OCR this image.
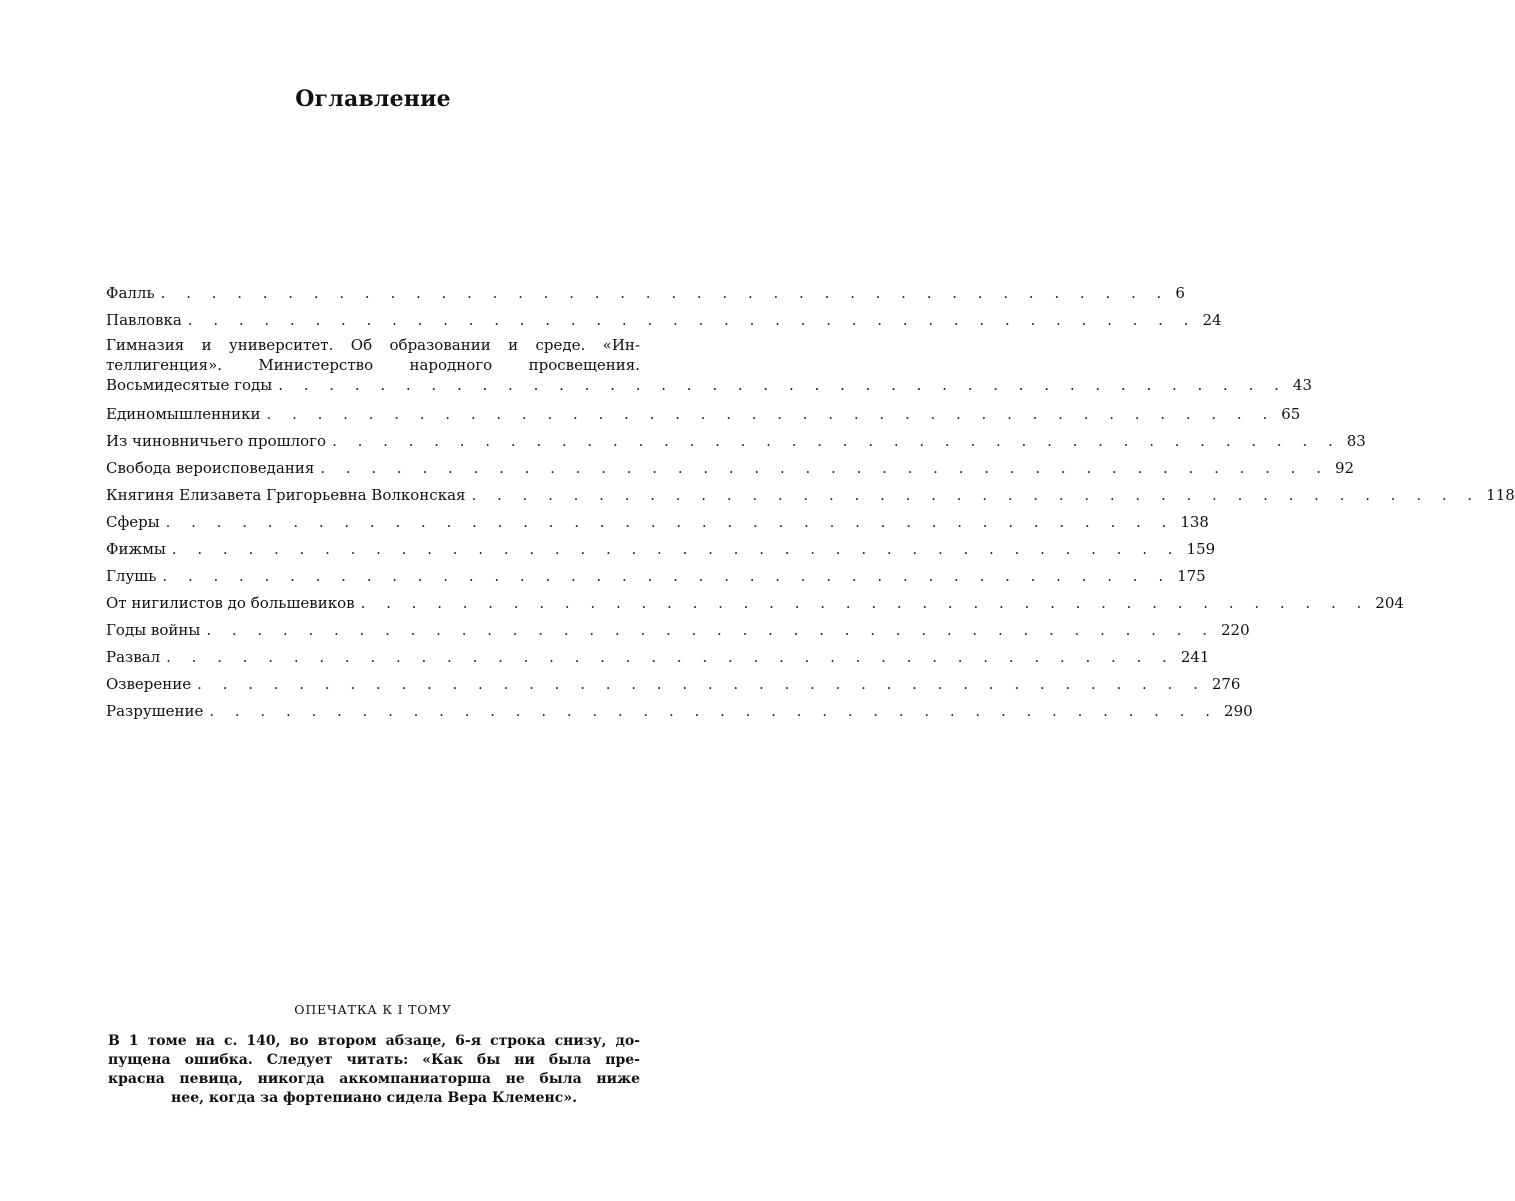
Оглавление
Фалль . . . . . . . . . . . . . . . . . . . . . . . . . . . . . . . . . . . . . . . . 6
Павловка . . . . . . . . . . . . . . . . . . . . . . . . . . . . . . . . . . . . . . . . 24
Гимназия и университет. Об образовании и среде. «Ин-
теллигенция». Министерство народного просвещения.
Восьмидесятые годы . . . . . . . . . . . . . . . . . . . . . . . . . . . . . . . . . . . . . . . . 43
Единомышленники . . . . . . . . . . . . . . . . . . . . . . . . . . . . . . . . . . . . . . . . 65
Из чиновничьего прошлого . . . . . . . . . . . . . . . . . . . . . . . . . . . . . . . . . . . . . . . . 83
Свобода вероисповедания . . . . . . . . . . . . . . . . . . . . . . . . . . . . . . . . . . . . . . . . 92
Княгиня Елизавета Григорьевна Волконская . . . . . . . . . . . . . . . . . . . . . . . . . . . . . . . . . . . . . . . . 118
Сферы . . . . . . . . . . . . . . . . . . . . . . . . . . . . . . . . . . . . . . . . 138
Фижмы . . . . . . . . . . . . . . . . . . . . . . . . . . . . . . . . . . . . . . . . 159
Глушь . . . . . . . . . . . . . . . . . . . . . . . . . . . . . . . . . . . . . . . . 175
От нигилистов до большевиков . . . . . . . . . . . . . . . . . . . . . . . . . . . . . . . . . . . . . . . . 204
Годы войны . . . . . . . . . . . . . . . . . . . . . . . . . . . . . . . . . . . . . . . . 220
Развал . . . . . . . . . . . . . . . . . . . . . . . . . . . . . . . . . . . . . . . . 241
Озверение . . . . . . . . . . . . . . . . . . . . . . . . . . . . . . . . . . . . . . . . 276
Разрушение . . . . . . . . . . . . . . . . . . . . . . . . . . . . . . . . . . . . . . . . 290
ОПЕЧАТКА К I ТОМУ
В 1 томе на с. 140, во втором абзаце, 6-я строка снизу, до-
пущена ошибка. Следует читать: «Как бы ни была пре-
красна певица, никогда аккомпаниаторша не была ниже
нее, когда за фортепиано сидела Вера Клеменс».
